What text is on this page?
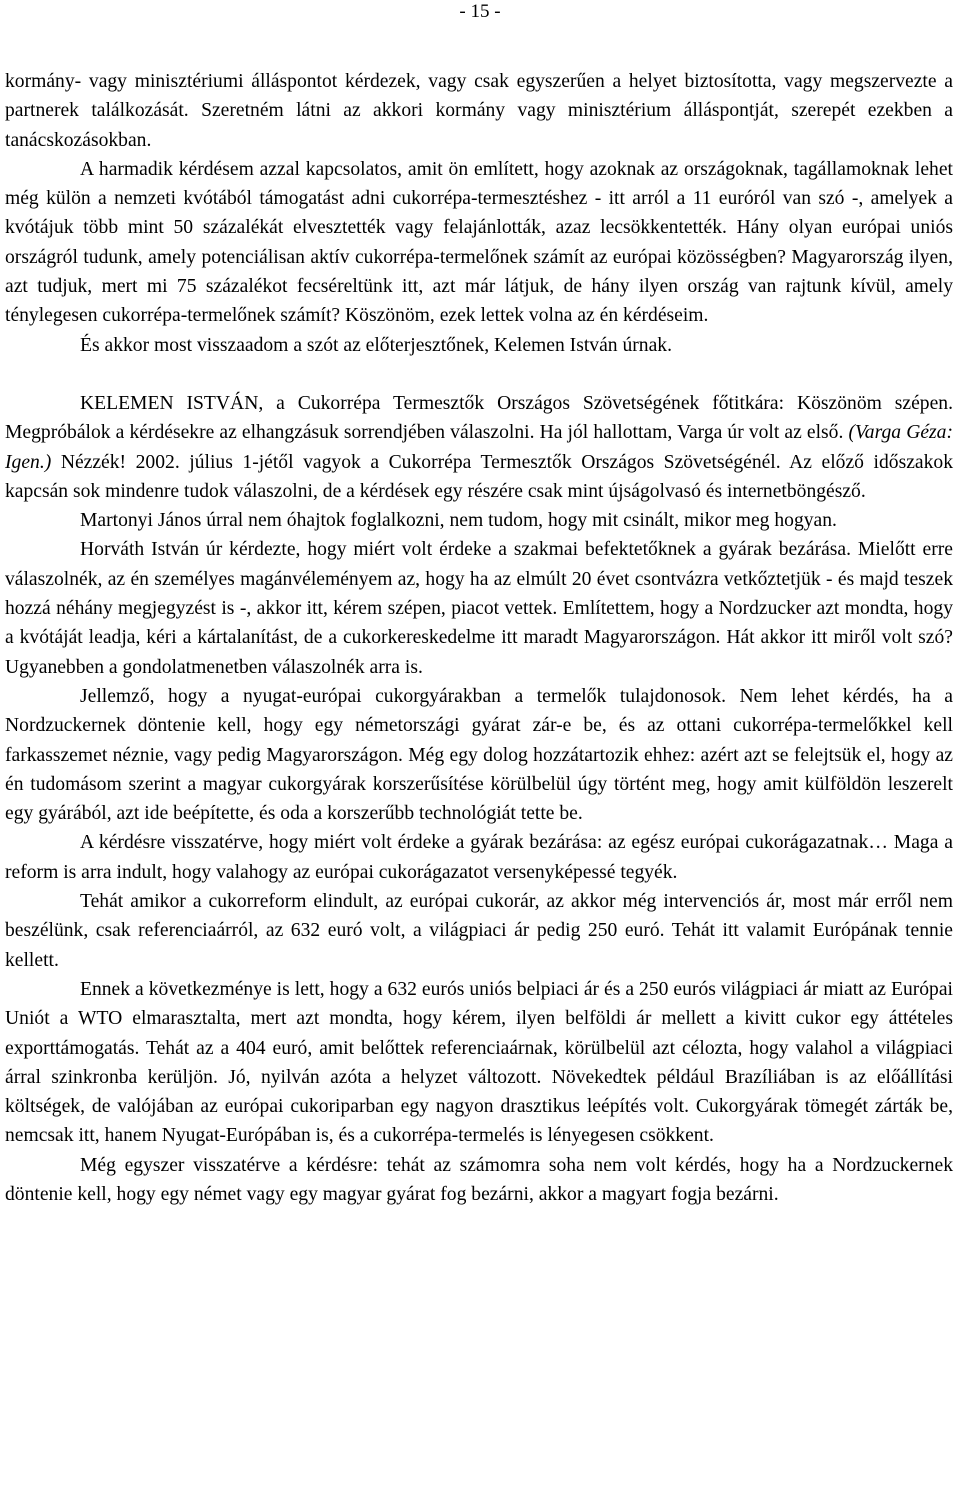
- 15 -

kormány- vagy minisztériumi álláspontot kérdezek, vagy csak egyszerűen a helyet biztosította, vagy megszervezte a partnerek találkozását. Szeretném látni az akkori kormány vagy minisztérium álláspontját, szerepét ezekben a tanácskozásokban.

A harmadik kérdésem azzal kapcsolatos, amit ön említett, hogy azoknak az országoknak, tagállamoknak lehet még külön a nemzeti kvótából támogatást adni cukorrépa-termesztéshez - itt arról a 11 euróról van szó -, amelyek a kvótájuk több mint 50 százalékát elvesztették vagy felajánlották, azaz lecsökkentették. Hány olyan európai uniós országról tudunk, amely potenciálisan aktív cukorrépa-termelőnek számít az európai közösségben? Magyarország ilyen, azt tudjuk, mert mi 75 százalékot fecséreltünk itt, azt már látjuk, de hány ilyen ország van rajtunk kívül, amely ténylegesen cukorrépa-termelőnek számít? Köszönöm, ezek lettek volna az én kérdéseim.

És akkor most visszaadom a szót az előterjesztőnek, Kelemen István úrnak.

KELEMEN ISTVÁN, a Cukorrépa Termesztők Országos Szövetségének főtitkára: Köszönöm szépen. Megpróbálok a kérdésekre az elhangzásuk sorrendjében válaszolni. Ha jól hallottam, Varga úr volt az első. (Varga Géza: Igen.) Nézzék! 2002. július 1-jétől vagyok a Cukorrépa Termesztők Országos Szövetségénél. Az előző időszakok kapcsán sok mindenre tudok válaszolni, de a kérdések egy részére csak mint újságolvasó és internetböngésző.

Martonyi János úrral nem óhajtok foglalkozni, nem tudom, hogy mit csinált, mikor meg hogyan.

Horváth István úr kérdezte, hogy miért volt érdeke a szakmai befektetőknek a gyárak bezárása. Mielőtt erre válaszolnék, az én személyes magánvéleményem az, hogy ha az elmúlt 20 évet csontvázra vetkőztetjük - és majd teszek hozzá néhány megjegyzést is -, akkor itt, kérem szépen, piacot vettek. Említettem, hogy a Nordzucker azt mondta, hogy a kvótáját leadja, kéri a kártalanítást, de a cukorkereskedelme itt maradt Magyarországon. Hát akkor itt miről volt szó? Ugyanebben a gondolatmenetben válaszolnék arra is.

Jellemző, hogy a nyugat-európai cukorgyárakban a termelők tulajdonosok. Nem lehet kérdés, ha a Nordzuckernek döntenie kell, hogy egy németországi gyárat zár-e be, és az ottani cukorrépa-termelőkkel kell farkasszemet néznie, vagy pedig Magyarországon. Még egy dolog hozzátartozik ehhez: azért azt se felejtsük el, hogy az én tudomásom szerint a magyar cukorgyárak korszerűsítése körülbelül úgy történt meg, hogy amit külföldön leszerelt egy gyárából, azt ide beépítette, és oda a korszerűbb technológiát tette be.

A kérdésre visszatérve, hogy miért volt érdeke a gyárak bezárása: az egész európai cukorágazatnak… Maga a reform is arra indult, hogy valahogy az európai cukorágazatot versenyképessé tegyék.

Tehát amikor a cukorreform elindult, az európai cukorár, az akkor még intervenciós ár, most már erről nem beszélünk, csak referenciaárról, az 632 euró volt, a világpiaci ár pedig 250 euró. Tehát itt valamit Európának tennie kellett.

Ennek a következménye is lett, hogy a 632 eurós uniós belpiaci ár és a 250 eurós világpiaci ár miatt az Európai Uniót a WTO elmarasztalta, mert azt mondta, hogy kérem, ilyen belföldi ár mellett a kivitt cukor egy áttételes exporttámogatás. Tehát az a 404 euró, amit belőttek referenciaárnak, körülbelül azt célozta, hogy valahol a világpiaci árral szinkronba kerüljön. Jó, nyilván azóta a helyzet változott. Növekedtek például Brazíliában is az előállítási költségek, de valójában az európai cukoriparban egy nagyon drasztikus leépítés volt. Cukorgyárak tömegét zárták be, nemcsak itt, hanem Nyugat-Európában is, és a cukorrépa-termelés is lényegesen csökkent.

Még egyszer visszatérve a kérdésre: tehát az számomra soha nem volt kérdés, hogy ha a Nordzuckernek döntenie kell, hogy egy német vagy egy magyar gyárat fog bezárni, akkor a magyart fogja bezárni.
